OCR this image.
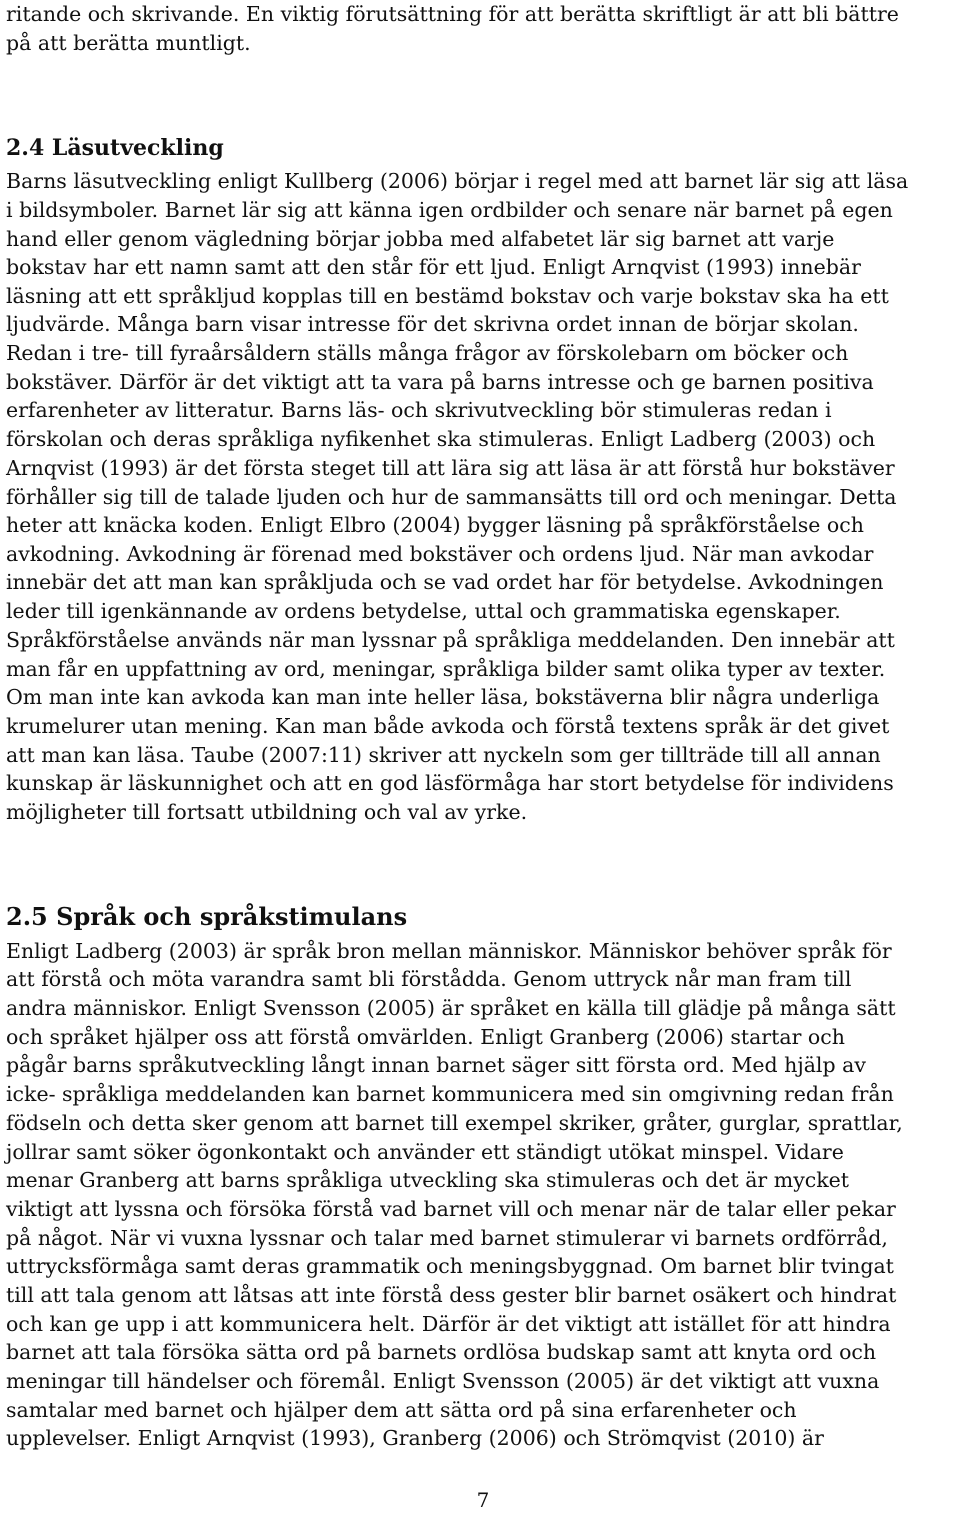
ritande och skrivande. En viktig förutsättning för att berätta skriftligt är att bli bättre
på att berätta muntligt.
2.4 Läsutveckling
Barns läsutveckling enligt Kullberg (2006) börjar i regel med att barnet lär sig att läsa
i bildsymboler. Barnet lär sig att känna igen ordbilder och senare när barnet på egen
hand eller genom vägledning börjar jobba med alfabetet lär sig barnet att varje
bokstav har ett namn samt att den står för ett ljud. Enligt Arnqvist (1993) innebär
läsning att ett språkljud kopplas till en bestämd bokstav och varje bokstav ska ha ett
ljudvärde. Många barn visar intresse för det skrivna ordet innan de börjar skolan.
Redan i tre- till fyraårsåldern ställs många frågor av förskolebarn om böcker och
bokstäver. Därför är det viktigt att ta vara på barns intresse och ge barnen positiva
erfarenheter av litteratur. Barns läs- och skrivutveckling bör stimuleras redan i
förskolan och deras språkliga nyfikenhet ska stimuleras. Enligt Ladberg (2003) och
Arnqvist (1993) är det första steget till att lära sig att läsa är att förstå hur bokstäver
förhåller sig till de talade ljuden och hur de sammansätts till ord och meningar. Detta
heter att knäcka koden. Enligt Elbro (2004) bygger läsning på språkförståelse och
avkodning. Avkodning är förenad med bokstäver och ordens ljud. När man avkodar
innebär det att man kan språkljuda och se vad ordet har för betydelse. Avkodningen
leder till igenkännande av ordens betydelse, uttal och grammatiska egenskaper.
Språkförståelse används när man lyssnar på språkliga meddelanden. Den innebär att
man får en uppfattning av ord, meningar, språkliga bilder samt olika typer av texter.
Om man inte kan avkoda kan man inte heller läsa, bokstäverna blir några underliga
krumelurer utan mening. Kan man både avkoda och förstå textens språk är det givet
att man kan läsa. Taube (2007:11) skriver att nyckeln som ger tillträde till all annan
kunskap är läskunnighet och att en god läsförmåga har stort betydelse för individens
möjligheter till fortsatt utbildning och val av yrke.
2.5 Språk och språkstimulans
Enligt Ladberg (2003) är språk bron mellan människor. Människor behöver språk för
att förstå och möta varandra samt bli förstådda. Genom uttryck når man fram till
andra människor. Enligt Svensson (2005) är språket en källa till glädje på många sätt
och språket hjälper oss att förstå omvärlden. Enligt Granberg (2006) startar och
pågår barns språkutveckling långt innan barnet säger sitt första ord. Med hjälp av
icke- språkliga meddelanden kan barnet kommunicera med sin omgivning redan från
födseln och detta sker genom att barnet till exempel skriker, gråter, gurglar, sprattlar,
jollrar samt söker ögonkontakt och använder ett ständigt utökat minspel. Vidare
menar Granberg att barns språkliga utveckling ska stimuleras och det är mycket
viktigt att lyssna och försöka förstå vad barnet vill och menar när de talar eller pekar
på något. När vi vuxna lyssnar och talar med barnet stimulerar vi barnets ordförråd,
uttrycksförmåga samt deras grammatik och meningsbyggnad. Om barnet blir tvingat
till att tala genom att låtsas att inte förstå dess gester blir barnet osäkert och hindrat
och kan ge upp i att kommunicera helt. Därför är det viktigt att istället för att hindra
barnet att tala försöka sätta ord på barnets ordlösa budskap samt att knyta ord och
meningar till händelser och föremål. Enligt Svensson (2005) är det viktigt att vuxna
samtalar med barnet och hjälper dem att sätta ord på sina erfarenheter och
upplevelser. Enligt Arnqvist (1993), Granberg (2006) och Strömqvist (2010) är
7
